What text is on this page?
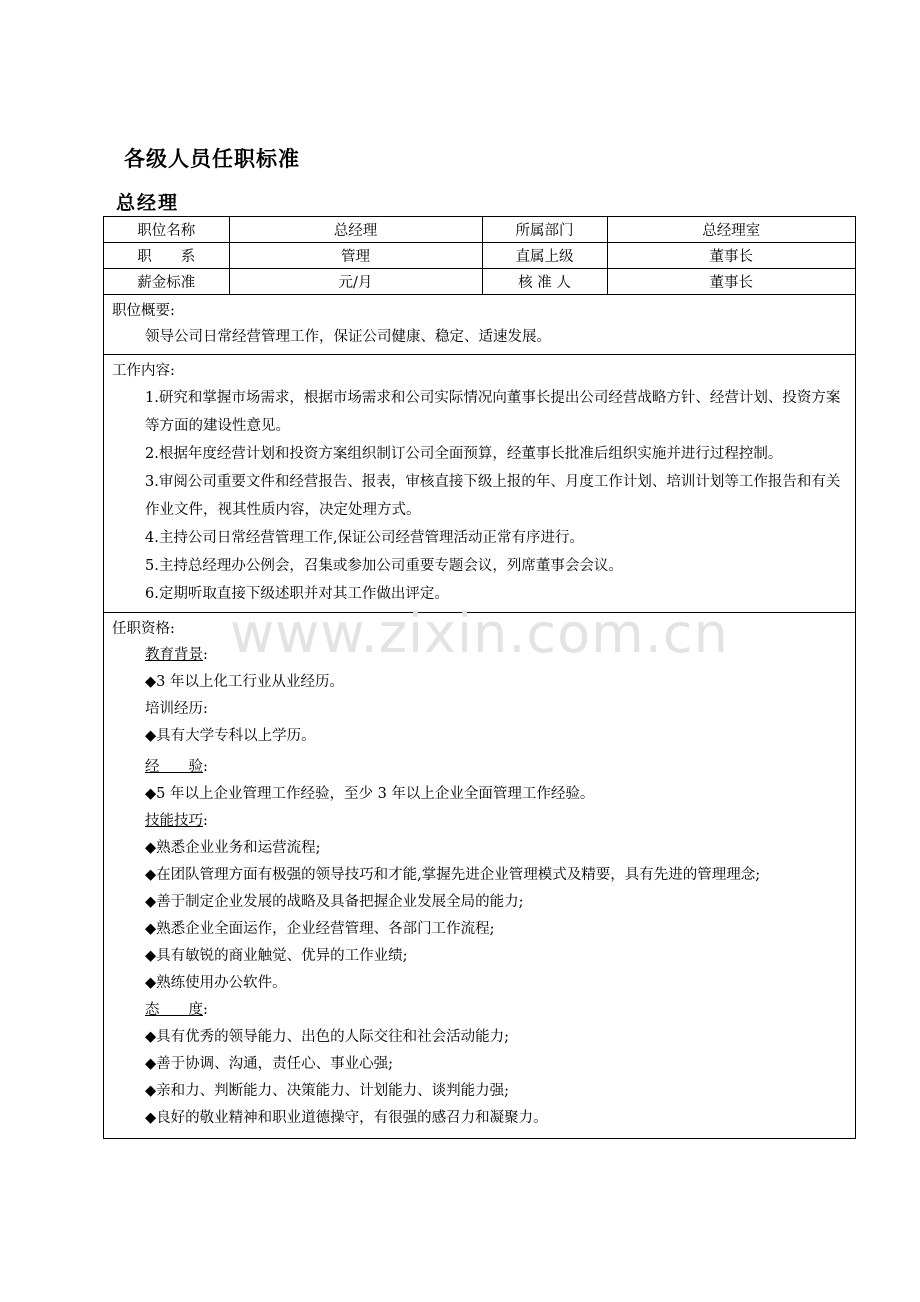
各级人员任职标准
总经理
职位名称	总经理	所属部门	总经理室
职　　系	管理	直属上级	董事长
薪金标准	元/月	核 准 人	董事长
职位概要:
领导公司日常经营管理工作，保证公司健康、稳定、适速发展。
工作内容:
1.研究和掌握市场需求，根据市场需求和公司实际情况向董事长提出公司经营战略方针、经营计划、投资方案等方面的建设性意见。
2.根据年度经营计划和投资方案组织制订公司全面预算，经董事长批准后组织实施并进行过程控制。
3.审阅公司重要文件和经营报告、报表，审核直接下级上报的年、月度工作计划、培训计划等工作报告和有关作业文件，视其性质内容，决定处理方式。
4.主持公司日常经营管理工作,保证公司经营管理活动正常有序进行。
5.主持总经理办公例会，召集或参加公司重要专题会议，列席董事会会议。
6.定期听取直接下级述职并对其工作做出评定。
任职资格:
教育背景:
◆3 年以上化工行业从业经历。
培训经历:
◆具有大学专科以上学历。
经　　验:
◆5 年以上企业管理工作经验，至少 3 年以上企业全面管理工作经验。
技能技巧:
◆熟悉企业业务和运营流程;
◆在团队管理方面有极强的领导技巧和才能,掌握先进企业管理模式及精要，具有先进的管理理念;
◆善于制定企业发展的战略及具备把握企业发展全局的能力;
◆熟悉企业全面运作，企业经营管理、各部门工作流程;
◆具有敏锐的商业触觉、优异的工作业绩;
◆熟练使用办公软件。
态　　度:
◆具有优秀的领导能力、出色的人际交往和社会活动能力;
◆善于协调、沟通，责任心、事业心强;
◆亲和力、判断能力、决策能力、计划能力、谈判能力强;
◆良好的敬业精神和职业道德操守，有很强的感召力和凝聚力。
www.zixin.com.cn
